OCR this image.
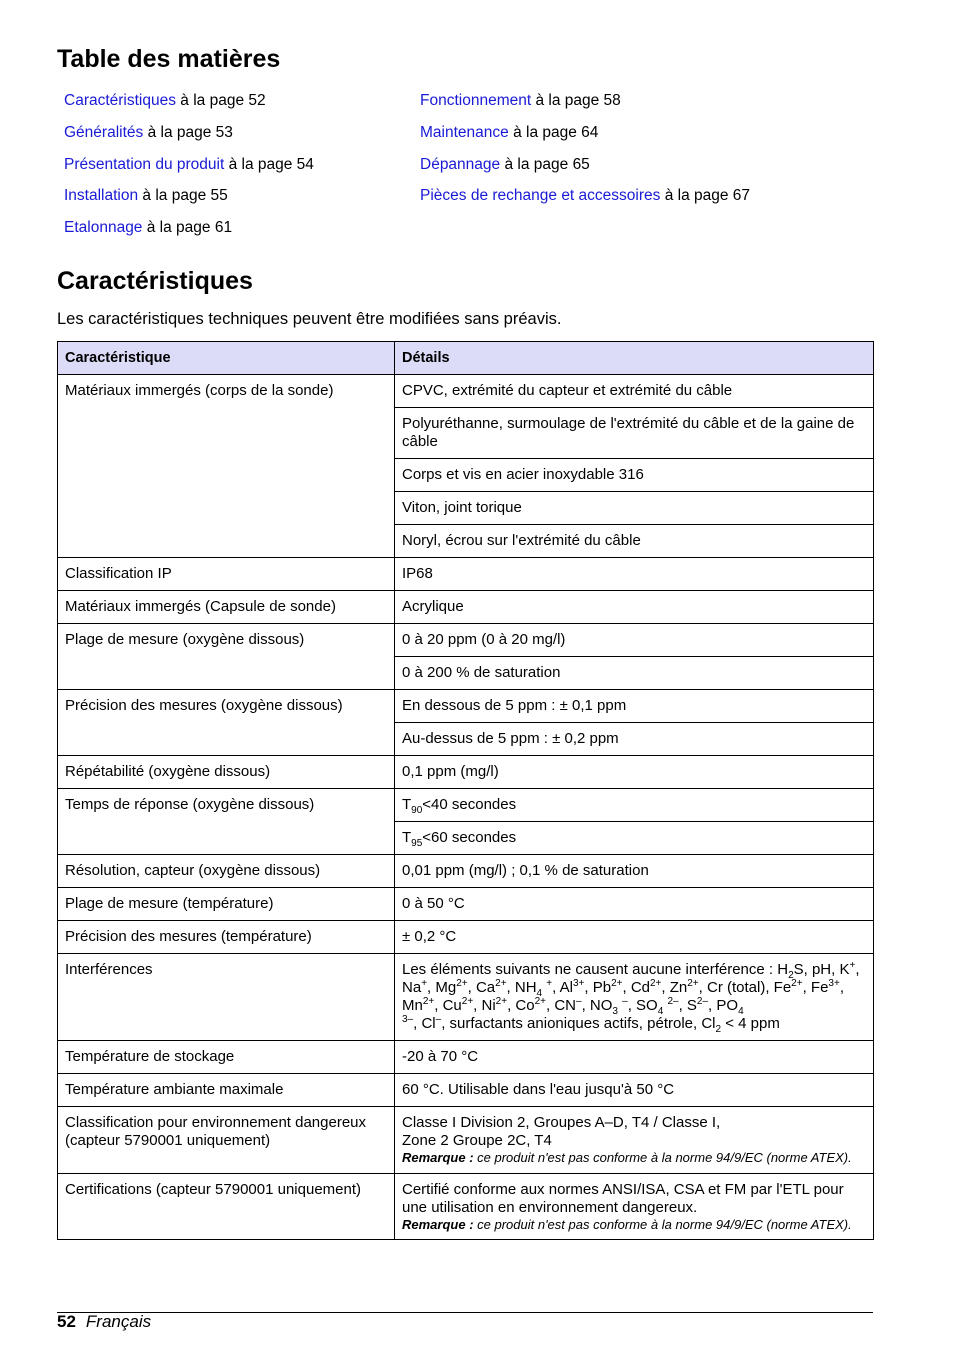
Table des matières
Caractéristiques à la page 52
Généralités à la page 53
Présentation du produit à la page 54
Installation à la page 55
Etalonnage à la page 61
Fonctionnement à la page 58
Maintenance à la page 64
Dépannage à la page 65
Pièces de rechange et accessoires à la page 67
Caractéristiques

Les caractéristiques techniques peuvent être modifiées sans préavis.

Caractéristique	Détails
Matériaux immergés (corps de la sonde)	CPVC, extrémité du capteur et extrémité du câble
	Polyuréthanne, surmoulage de l'extrémité du câble et de la gaine de câble
	Corps et vis en acier inoxydable 316
	Viton, joint torique
	Noryl, écrou sur l'extrémité du câble
Classification IP	IP68
Matériaux immergés (Capsule de sonde)	Acrylique
Plage de mesure (oxygène dissous)	0 à 20 ppm (0 à 20 mg/l)
	0 à 200 % de saturation
Précision des mesures (oxygène dissous)	En dessous de 5 ppm : ± 0,1 ppm
	Au-dessus de 5 ppm : ± 0,2 ppm
Répétabilité (oxygène dissous)	0,1 ppm (mg/l)
Temps de réponse (oxygène dissous)	$T_{90}<40$ secondes
	$T_{95}<60$ secondes
Résolution, capteur (oxygène dissous)	0,01 ppm (mg/l) ; 0,1 % de saturation
Plage de mesure (température)	0 à 50 °C
Précision des mesures (température)	± 0,2 °C
Interférences	Les éléments suivants ne causent aucune interférence : $H_2S$, pH, K+, Na+, $Mg^{2+}$, $Ca^{2+}$, $NH_4$ +, $Al^{3+}$, $Pb^{2+}$, $Cd^{2+}$, $Zn^{2+}$, Cr (total), $Fe^{2+}$, $Fe^{3+}$, $Mn^{2+}$, $Cu^{2+}$, $Ni^{2+}$, $Co^{2+}$, CN–, $NO_3$ –, $SO_4$ $^{2-}$, $S^{2-}$, $PO_4$
$^{3-}$, Cl–, surfactants anioniques actifs, pétrole, $Cl_2 < 4$ ppm
Température de stockage	-20 à 70 °C
Température ambiante maximale	60 °C. Utilisable dans l'eau jusqu'à 50 °C
Classification pour environnement dangereux (capteur 5790001 uniquement)	Classe I Division 2, Groupes A–D, T4 / Classe I,
Zone 2 Groupe 2C, T4
Remarque : ce produit n'est pas conforme à la norme 94/9/EC (norme ATEX).

Certifications (capteur 5790001 uniquement)	Certifié conforme aux normes ANSI/ISA, CSA et FM par l'ETL pour une utilisation en environnement dangereux.
Remarque : ce produit n'est pas conforme à la norme 94/9/EC (norme ATEX).
52 Français
